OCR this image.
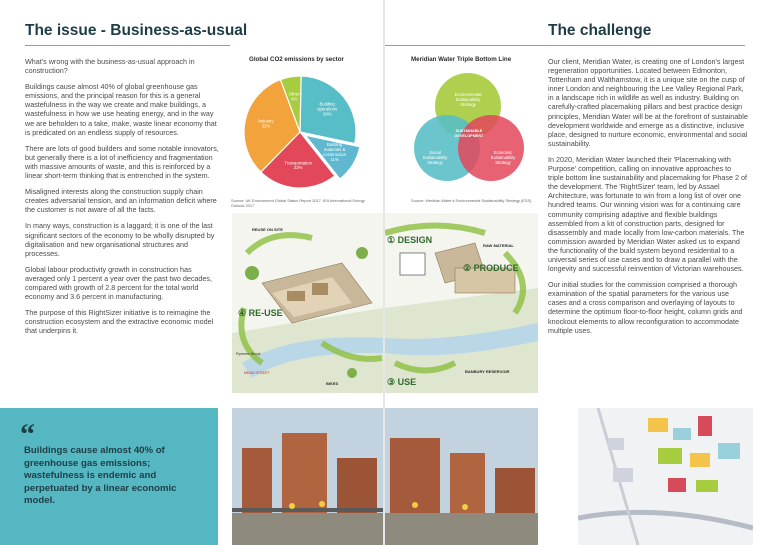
The issue - Business-as-usual

What's wrong with the business-as-usual approach in construction?

Buildings cause almost 40% of global greenhouse gas emissions, and the principal reason for this is a general wastefulness in the way we create and make buildings, a wastefulness in how we use heating energy, and in the way we are beholden to a take, make, waste linear economy that is predicated on an endless supply of resources.

There are lots of good builders and some notable innovators, but generally there is a lot of inefficiency and fragmentation with massive amounts of waste, and this is reinforced by a linear short-term thinking that is entrenched in the system.

Misaligned interests along the construction supply chain creates adversarial tension, and an information deficit where the customer is not aware of all the facts.

In many ways, construction is a laggard; it is one of the last significant sectors of the economy to be wholly disrupted by digitalisation and new organisational structures and processes.

Global labour productivity growth in construction has averaged only 1 percent a year over the past two decades, compared with growth of 2.8 percent for the total world economy and 3.6 percent in manufacturing.

The purpose of this RightSizer initiative is to reimagine the construction ecosystem and the extractive economic model that underpins it.

Global CO2 emissions by sector
Building operations 28%
Building materials & construction 11%
Transportation 22%
Industry 32%
Other 6%
Source: UK Environment Global Status Report 2017: IEA International Energy Outlook 2017
“
Buildings cause almost 40% of greenhouse gas emissions; wastefulness is endemic and perpetuated by a linear economic model.
REUSE ON SITE
④ RE-USE
Pymmes Brook
MEAD STREET
BIKES
The challenge
Meridian Water Triple Bottom Line
Environmental Sustainability Strategy
Social Sustainability Strategy
Economic Sustainability Strategy
SUSTAINABLE DEVELOPMENT
Source: Meridian Water's Environmental Sustainability Strategy (ESS)

Our client, Meridian Water, is creating one of London's largest regeneration opportunities. Located between Edmonton, Tottenham and Walthamstow, it is a unique site on the cusp of inner London and neighbouring the Lee Valley Regional Park, in a landscape rich in wildlife as well as industry. Building on carefully-crafted placemaking pillars and best practice design principles, Meridian Water will be at the forefront of sustainable development worldwide and emerge as a distinctive, inclusive place, designed to nurture economic, environmental and social sustainability.

In 2020, Meridian Water launched their 'Placemaking with Purpose' competition, calling on innovative approaches to triple bottom line sustainability and placemaking for Phase 2 of the development. The 'RightSizer' team, led by Assael Architecture, was fortunate to win from a long list of over one hundred teams. Our winning vision was for a continuing care community comprising adaptive and flexible buildings assembled from a kit of construction parts, designed for disassembly and made locally from low-carbon materials. The commission awarded by Meridian Water asked us to expand the functionality of the build system beyond residential to a universal series of use cases and to draw a parallel with the longevity and successful reinvention of Victorian warehouses.

Our initial studies for the commission comprised a thorough examination of the spatial parameters for the various use cases and a cross comparison and overlaying of layouts to determine the optimum floor-to-floor height, column grids and knockout elements to allow reconfiguration to accommodate multiple uses.

① DESIGN
RAW MATERIAL
② PRODUCE
③ USE
BANBURY RESERVOIR
